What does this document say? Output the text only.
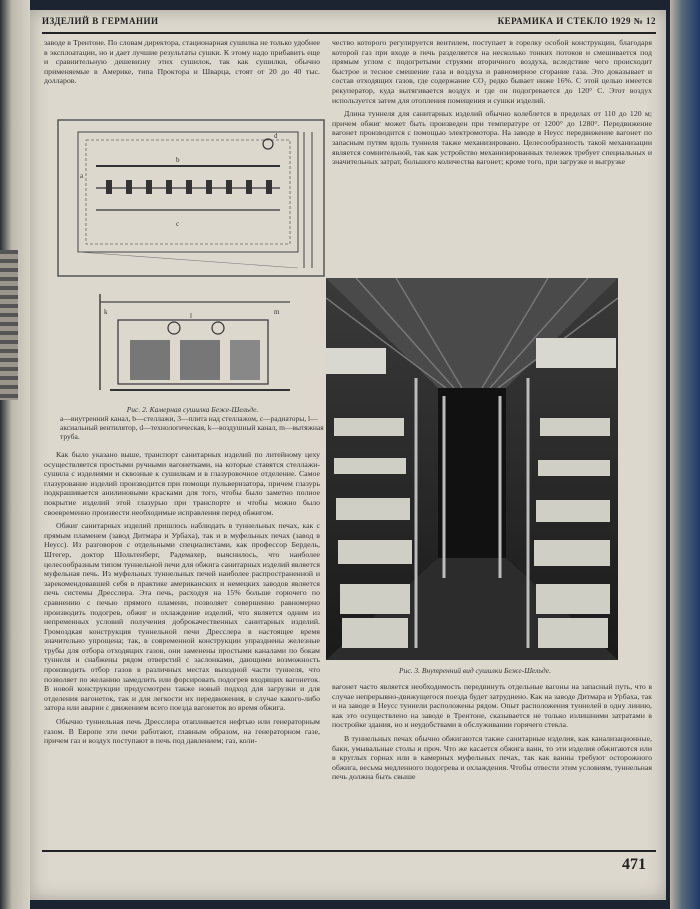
ИЗДЕЛИЙ В ГЕРМАНИИ	КЕРАМИКА И СТЕКЛО 1929 № 12

заводе в Трентоне. По словам директора, стационарная сушилка не только удобнее в эксплоатации, но и дает лучшие результаты сушки. К этому надо прибавить еще и сравнительную дешевизну этих сушилок, так как сушилки, обычно применяемые в Америке, типа Проктора и Шварца, стоят от 20 до 40 тыс. долларов.

a
b
c
d
k	m
l
Рис. 2. Камерная сушилка Беже-Шельде.
а—внутренний канал, b—стеллажи, 3—плита над стеллажом, с—радиаторы, l—аксиальный вентилятор, d—технологическая, k—воздушный канал, m—вытяжная труба.

Как было указано выше, транспорт санитарных изделий по литейному цеху осуществляется простыми ручными вагонетками, на которые ставятся стеллажи-сушила с изделиями и сквозные к сушилкам и в глазуровочное отделение. Самое глазурование изделий производится при помощи пульверизатора, причем глазурь подкрашивается анилиновыми красками для того, чтобы было заметно полное покрытие изделий этой глазурью при транспорте и чтобы можно было своевременно произвести необходимые исправления перед обжигом.

Обжиг санитарных изделий пришлось наблюдать в туннельных печах, как с прямым пламенем (завод Дитмара и Урбаха), так и в муфельных печах (завод в Неусс). Из разговоров с отдельными специалистами, как профессор Бердель, Штегер, доктор Шольтенберг, Радемахер, выяснилось, что наиболее целесообразным типом туннельной печи для обжига санитарных изделий является муфельная печь. Из муфельных туннельных печей наиболее распространенной и зарекомендовавшей себя в практике американских и немецких заводов является печь системы Дресслера. Эта печь, расходуя на 15% больше горючего по сравнению с печью прямого пламени, позволяет совершенно равномерно производить подогрев, обжиг и охлаждение изделий, что является одним из непременных условий получения доброкачественных санитарных изделий. Громоздкая конструкция туннельной печи Дресслера в настоящее время значительно упрощена; так, в современной конструкции упразднены железные трубы для отбора отходящих газов, они заменены простыми каналами по бокам туннеля и снабжены рядом отверстий с заслонками, дающими возможность производить отбор газов в различных местах выходной части туннеля, что позволяет по желанию замедлить или форсировать подогрев входящих вагонеток. В новой конструкции предусмотрен также новый подход для загрузки и для отделения вагонеток, так и для легкости их передвижения, в случае какого-либо затора или аварии с движением всего поезда вагонеток во время обжига.

Обычно туннельная печь Дресслера отапливается нефтью или генераторным газом. В Европе эти печи работают, главным образом, на генераторном газе, причем газ и воздух поступают в печь под давлением; газ, коли-

чество которого регулируется вентилем, поступает в горелку особой конструкции, благодаря которой газ при входе в печь разделяется на несколько тонких потоков и смешивается под прямым углом с подогретыми струями вторичного воздуха, вследствие чего происходит быстрое и тесное смешение газа и воздуха и равномерное сгорание газа. Это доказывает и состав отходящих газов, где содержание CO₂ редко бывает ниже 16%. С этой целью имеется рекуператор, куда вытягивается воздух и где он подогревается до 120° С. Этот воздух используется затем для отопления помещения и сушки изделий.

Длина туннеля для санитарных изделий обычно колеблется в пределах от 110 до 120 м; причем обжиг может быть произведен при температуре от 1200° до 1280°. Передвижение вагонет производится с помощью электромотора. На заводе в Неусс передвижение вагонет по запасным путям вдоль туннеля также механизировано. Целесообразность такой механизации является сомнительной, так как устройство механизированных тележек требует специальных и значительных затрат, большого количества вагонет; кроме того, при загрузке и выгрузке

Рис. 3. Внутренний вид сушилки Беже-Шельде.

вагонет часто является необходимость передвинуть отдельные вагоны на запасный путь, что в случае непрерывно-движущегося поезда будет затруднено. Как на заводе Дитмара и Урбаха, так и на заводе в Неусс туннели расположены рядом. Опыт расположения туннелей в одну линию, как это осуществлено на заводе в Трентоне, сказывается не только излишними затратами в постройке здания, но и неудобствами в обслуживании горячего стекла.

В туннельных печах обычно обжигаются также санитарные изделия, как канализационные, баки, умывальные столы и проч. Что же касается обжига ванн, то эти изделия обжигаются или в круглых горнах или в камерных муфельных печах, так как ванны требуют осторожного обжига, весьма медленного подогрева и охлаждения. Чтобы отвести этим условиям, туннельная печь должна быть свыше

471
